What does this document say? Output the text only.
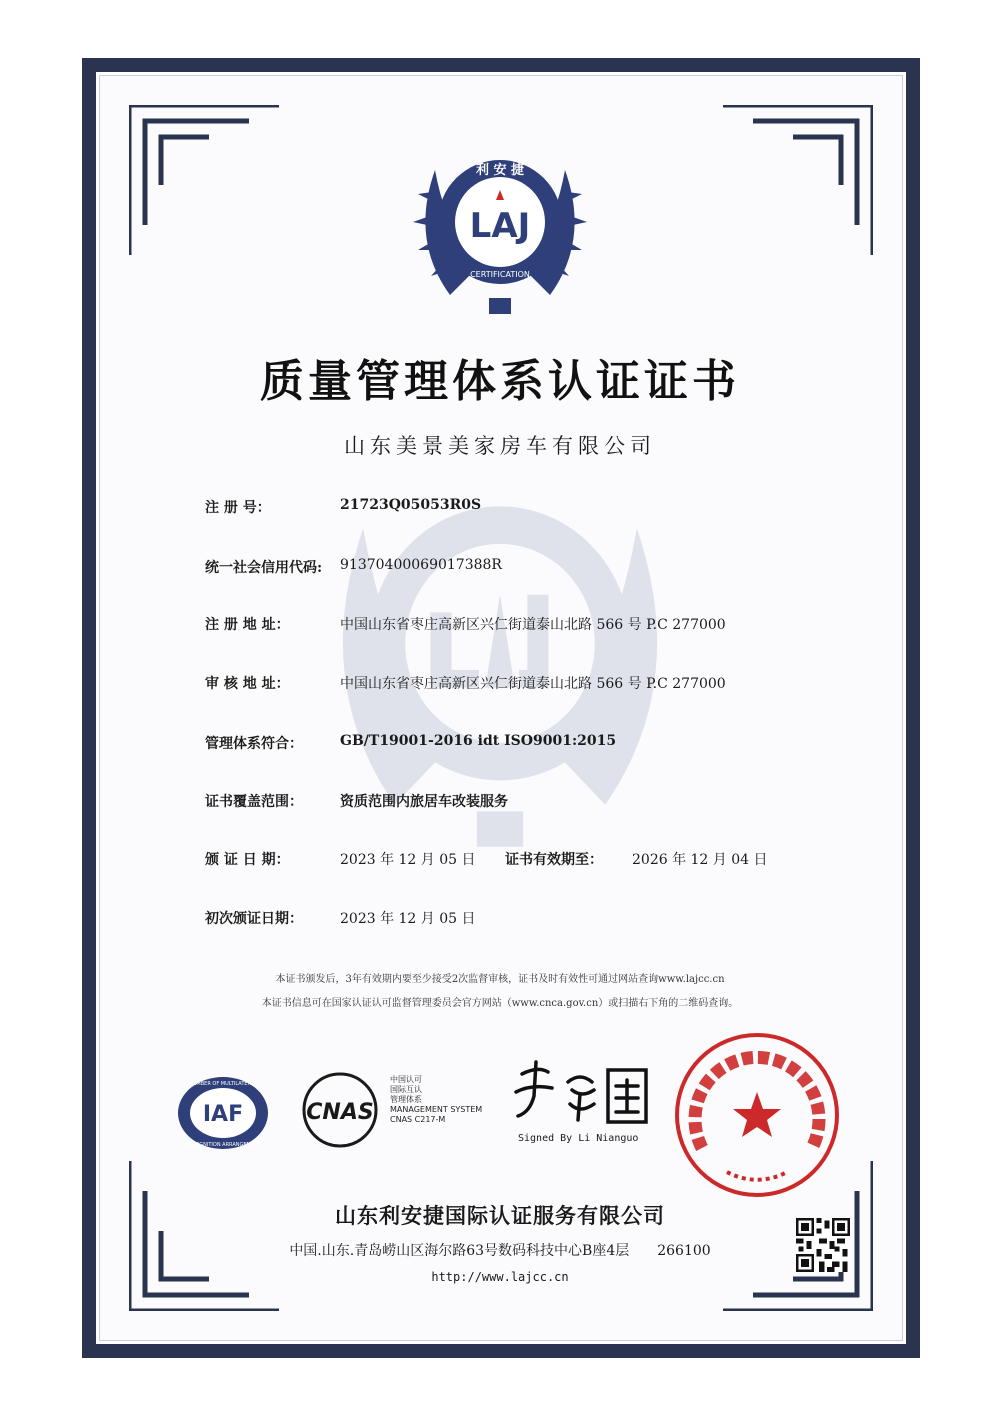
利 安 捷
CERTIFICATION
LAJ
质量管理体系认证证书
山东美景美家房车有限公司
注 册 号：	21723Q05053R0S
统一社会信用代码: 91370400069017388R
注 册 地 址：	中国山东省枣庄高新区兴仁街道泰山北路 566 号 P.C 277000
审 核 地 址：	中国山东省枣庄高新区兴仁街道泰山北路 566 号 P.C 277000
管理体系符合：	GB/T19001-2016 idt ISO9001:2015
证书覆盖范围：	资质范围内旅居车改装服务
颁 证 日 期：	2023 年 12 月 05 日 证书有效期至： 2026 年 12 月 04 日
初次颁证日期：	2023 年 12 月 05 日
本证书颁发后，3年有效期内要至少接受2次监督审核，证书及时有效性可通过网站查询www.lajcc.cn
本证书信息可在国家认证认可监督管理委员会官方网站（www.cnca.gov.cn）或扫描右下角的二维码查询。
IAF
MEMBER OF MULTILATERAL
RECOGNITION ARRANGEMENT
CNAS
中国认可
国际互认
管理体系
MANAGEMENT SYSTEM
CNAS C217-M
Signed By Li Nianguo
山东利安捷国际认证服务有限公司
中国.山东.青岛崂山区海尔路63号数码科技中心B座4层 266100
http://www.lajcc.cn
